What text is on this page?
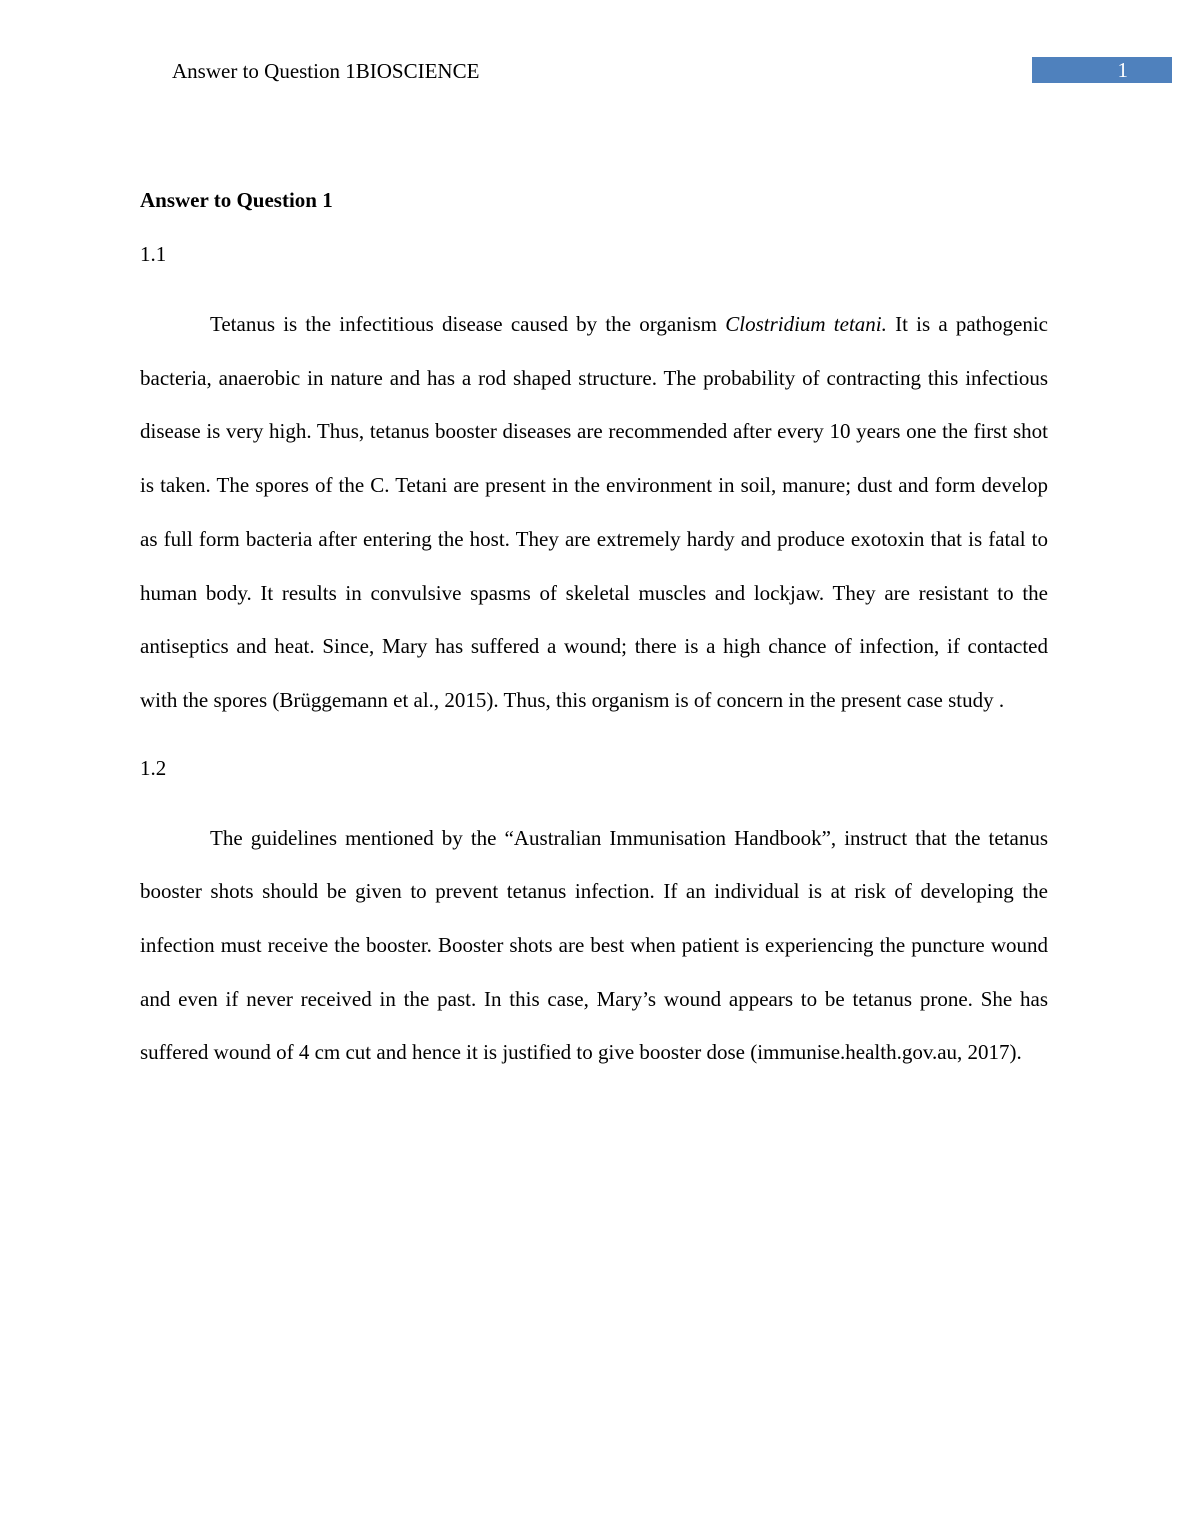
Answer to Question 1BIOSCIENCE	1

Answer to Question 1

1.1

Tetanus is the infectitious disease caused by the organism Clostridium tetani. It is a pathogenic bacteria, anaerobic in nature and has a rod shaped structure. The probability of contracting this infectious disease is very high. Thus, tetanus booster diseases are recommended after every 10 years one the first shot is taken. The spores of the C. Tetani are present in the environment in soil, manure; dust and form develop as full form bacteria after entering the host. They are extremely hardy and produce exotoxin that is fatal to human body. It results in convulsive spasms of skeletal muscles and lockjaw. They are resistant to the antiseptics and heat. Since, Mary has suffered a wound; there is a high chance of infection, if contacted with the spores (Brüggemann et al., 2015). Thus, this organism is of concern in the present case study .

1.2

The guidelines mentioned by the “Australian Immunisation Handbook”, instruct that the tetanus booster shots should be given to prevent tetanus infection. If an individual is at risk of developing the infection must receive the booster. Booster shots are best when patient is experiencing the puncture wound and even if never received in the past. In this case, Mary’s wound appears to be tetanus prone. She has suffered wound of 4 cm cut and hence it is justified to give booster dose (immunise.health.gov.au, 2017).
